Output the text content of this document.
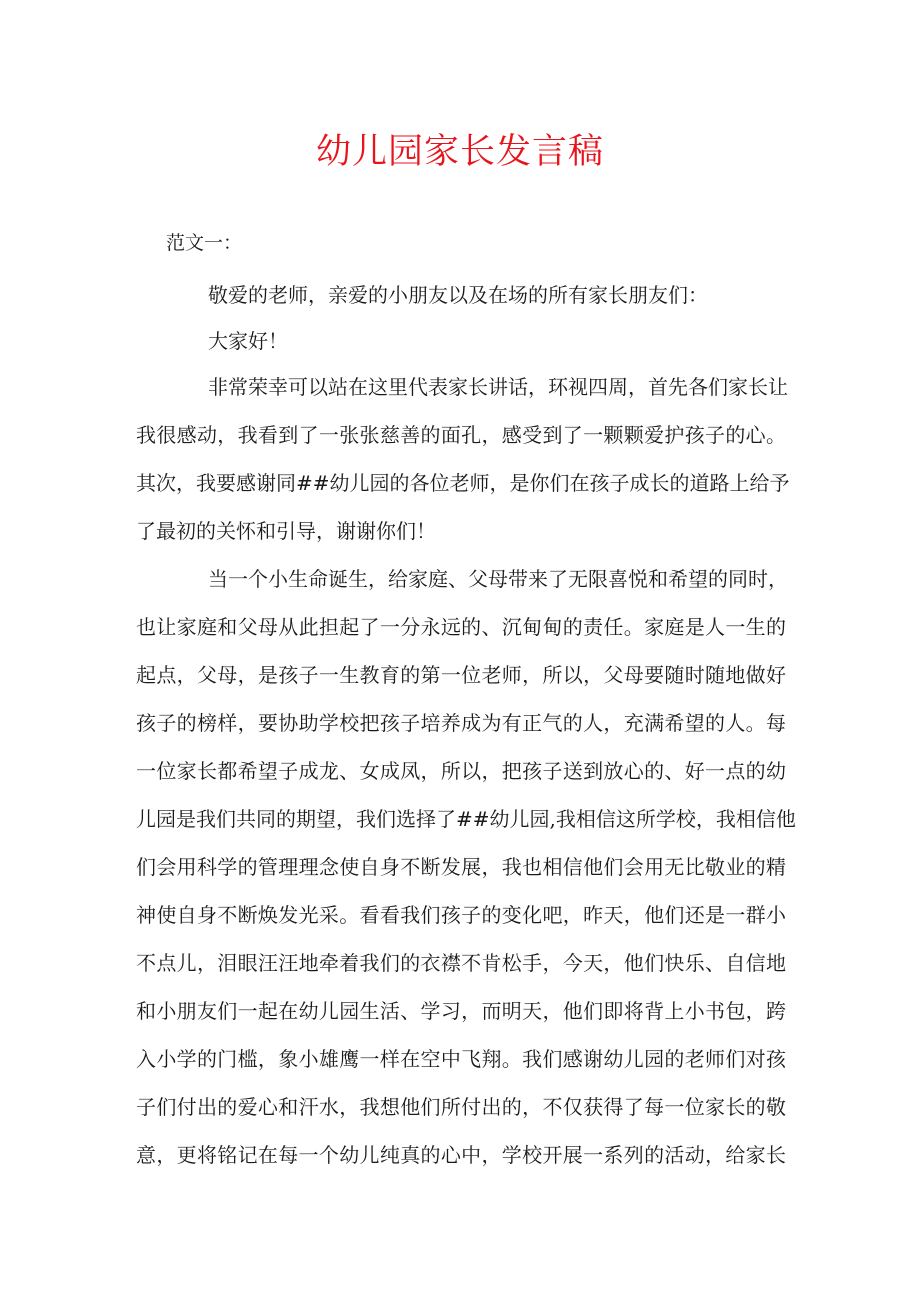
幼儿园家长发言稿

范文一：

敬爱的老师，亲爱的小朋友以及在场的所有家长朋友们：

大家好！

非常荣幸可以站在这里代表家长讲话，环视四周，首先各们家长让

我很感动，我看到了一张张慈善的面孔，感受到了一颗颗爱护孩子的心。

其次，我要感谢同##幼儿园的各位老师，是你们在孩子成长的道路上给予

了最初的关怀和引导，谢谢你们！

当一个小生命诞生，给家庭、父母带来了无限喜悦和希望的同时，

也让家庭和父母从此担起了一分永远的、沉甸甸的责任。家庭是人一生的

起点，父母，是孩子一生教育的第一位老师，所以，父母要随时随地做好

孩子的榜样，要协助学校把孩子培养成为有正气的人，充满希望的人。每

一位家长都希望子成龙、女成凤，所以，把孩子送到放心的、好一点的幼

儿园是我们共同的期望，我们选择了##幼儿园,我相信这所学校，我相信他

们会用科学的管理理念使自身不断发展，我也相信他们会用无比敬业的精

神使自身不断焕发光采。看看我们孩子的变化吧，昨天，他们还是一群小

不点儿，泪眼汪汪地牵着我们的衣襟不肯松手，今天，他们快乐、自信地

和小朋友们一起在幼儿园生活、学习，而明天，他们即将背上小书包，跨

入小学的门槛，象小雄鹰一样在空中飞翔。我们感谢幼儿园的老师们对孩

子们付出的爱心和汗水，我想他们所付出的，不仅获得了每一位家长的敬

意，更将铭记在每一个幼儿纯真的心中，学校开展一系列的活动，给家长
